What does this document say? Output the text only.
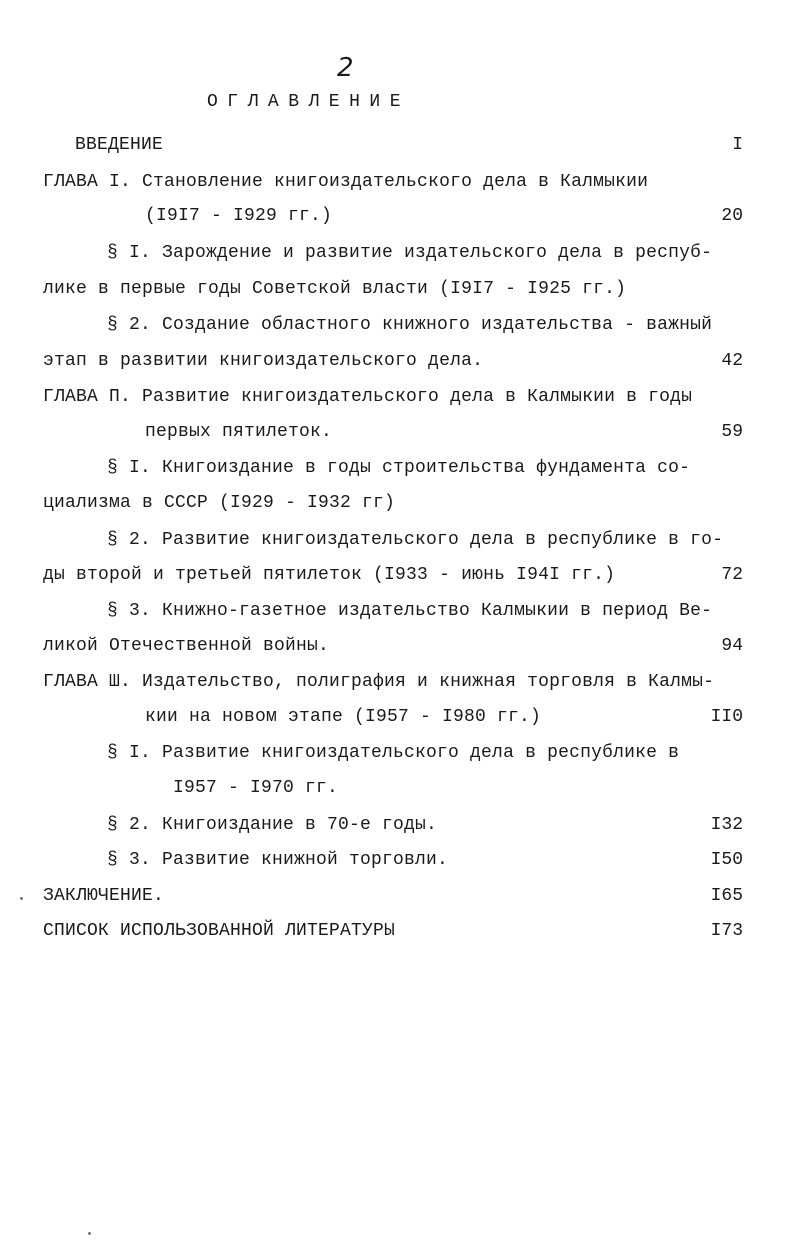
2
ОГЛАВЛЕНИЕ
ВВЕДЕНИЕ	I
ГЛАВА I. Становление книгоиздательского дела в Калмыкии
(I9I7 - I929 гг.)	20
§ I. Зарождение и развитие издательского дела в респуб-
лике в первые годы Советской власти (I9I7 - I925 гг.)
§ 2. Создание областного книжного издательства - важный
этап в развитии книгоиздательского дела.	42
ГЛАВА П. Развитие книгоиздательского дела в Калмыкии в годы
первых пятилеток.	59
§ I. Книгоиздание в годы строительства фундамента со-
циализма в СССР (I929 - I932 гг)
§ 2. Развитие книгоиздательского дела в республике в го-
ды второй и третьей пятилеток (I933 - июнь I94I гг.)	72
§ 3. Книжно-газетное издательство Калмыкии в период Ве-
ликой Отечественной войны.	94
ГЛАВА Ш. Издательство, полиграфия и книжная торговля в Калмы-
кии на новом этапе (I957 - I980 гг.)	II0
§ I. Развитие книгоиздательского дела в республике в
I957 - I970 гг.
§ 2. Книгоиздание в 70-е годы.	I32
§ 3. Развитие книжной торговли.	I50
ЗАКЛЮЧЕНИЕ.	I65
СПИСОК ИСПОЛЬЗОВАННОЙ ЛИТЕРАТУРЫ	I73
